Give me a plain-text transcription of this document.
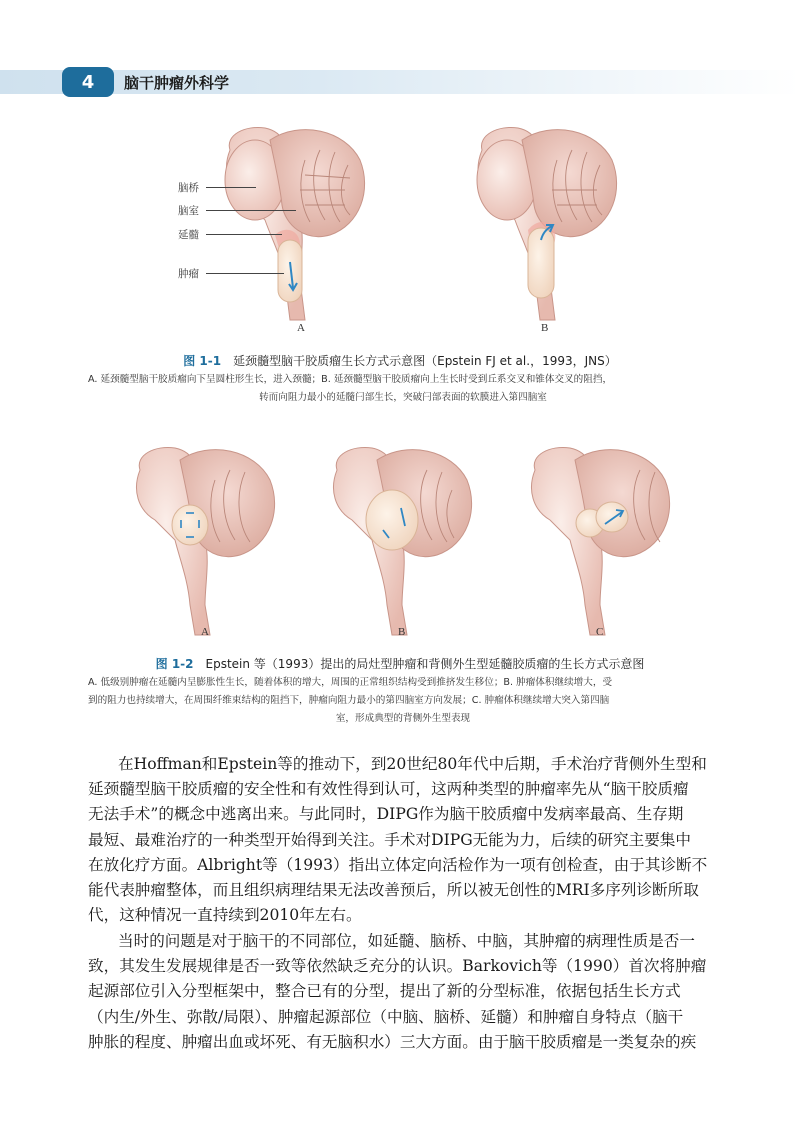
4	脑干肿瘤外科学
脑桥
脑室
延髓
肿瘤
A	B
图 1-1 延颈髓型脑干胶质瘤生长方式示意图（Epstein FJ et al.，1993，JNS）
A. 延颈髓型脑干胶质瘤向下呈圆柱形生长，进入颈髓；B. 延颈髓型脑干胶质瘤向上生长时受到丘系交叉和锥体交叉的阻挡，
转而向阻力最小的延髓闩部生长，突破闩部表面的软膜进入第四脑室
A	B	C
图 1-2 Epstein 等（1993）提出的局灶型肿瘤和背侧外生型延髓胶质瘤的生长方式示意图
A. 低级别肿瘤在延髓内呈膨胀性生长，随着体积的增大，周围的正常组织结构受到推挤发生移位；B. 肿瘤体积继续增大，受
到的阻力也持续增大，在周围纤维束结构的阻挡下，肿瘤向阻力最小的第四脑室方向发展；C. 肿瘤体积继续增大突入第四脑
室，形成典型的背侧外生型表现
在Hoffman和Epstein等的推动下，到20世纪80年代中后期，手术治疗背侧外生型和
延颈髓型脑干胶质瘤的安全性和有效性得到认可，这两种类型的肿瘤率先从“脑干胶质瘤
无法手术”的概念中逃离出来。与此同时，DIPG作为脑干胶质瘤中发病率最高、生存期
最短、最难治疗的一种类型开始得到关注。手术对DIPG无能为力，后续的研究主要集中
在放化疗方面。Albright等（1993）指出立体定向活检作为一项有创检查，由于其诊断不
能代表肿瘤整体，而且组织病理结果无法改善预后，所以被无创性的MRI多序列诊断所取
代，这种情况一直持续到2010年左右。
当时的问题是对于脑干的不同部位，如延髓、脑桥、中脑，其肿瘤的病理性质是否一
致，其发生发展规律是否一致等依然缺乏充分的认识。Barkovich等（1990）首次将肿瘤
起源部位引入分型框架中，整合已有的分型，提出了新的分型标准，依据包括生长方式
（内生/外生、弥散/局限）、肿瘤起源部位（中脑、脑桥、延髓）和肿瘤自身特点（脑干
肿胀的程度、肿瘤出血或坏死、有无脑积水）三大方面。由于脑干胶质瘤是一类复杂的疾
